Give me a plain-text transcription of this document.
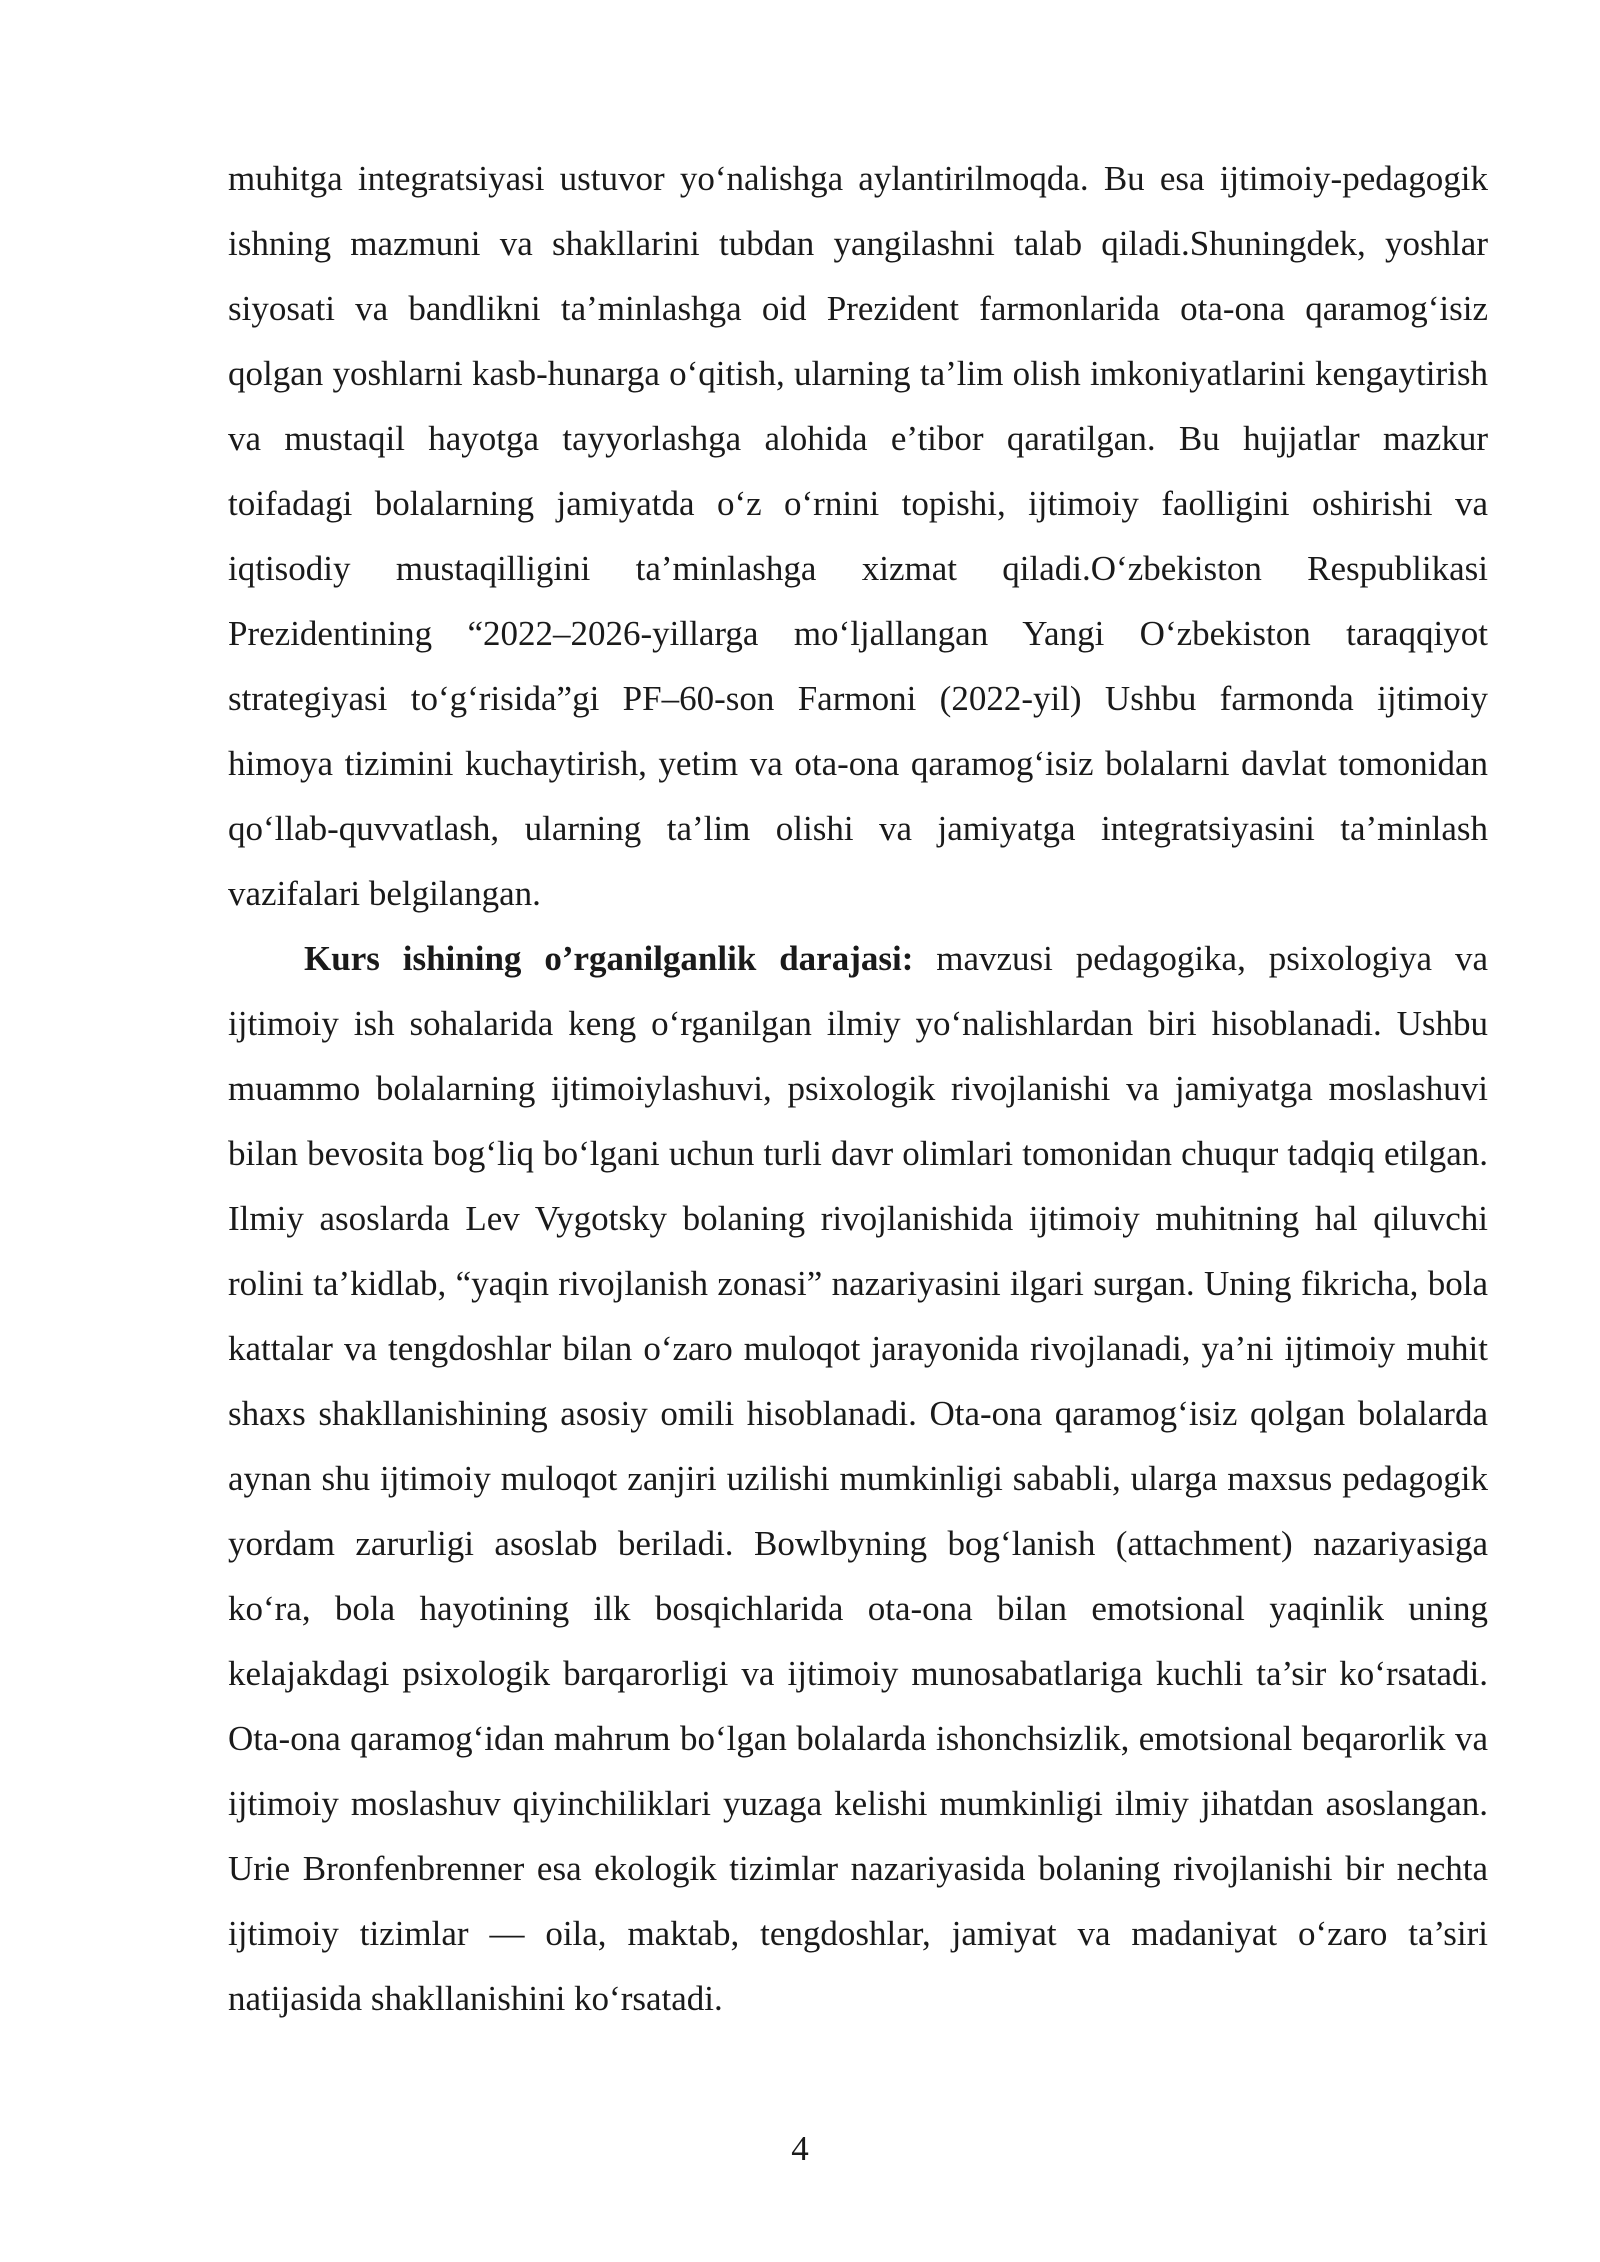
muhitga integratsiyasi ustuvor yo‘nalishga aylantirilmoqda. Bu esa ijtimoiy-pedagogik ishning mazmuni va shakllarini tubdan yangilashni talab qiladi.Shuningdek, yoshlar siyosati va bandlikni ta’minlashga oid Prezident farmonlarida ota-ona qaramog‘isiz qolgan yoshlarni kasb-hunarga o‘qitish, ularning ta’lim olish imkoniyatlarini kengaytirish va mustaqil hayotga tayyorlashga alohida e’tibor qaratilgan. Bu hujjatlar mazkur toifadagi bolalarning jamiyatda o‘z o‘rnini topishi, ijtimoiy faolligini oshirishi va iqtisodiy mustaqilligini ta’minlashga xizmat qiladi.O‘zbekiston Respublikasi Prezidentining “2022–2026-yillarga mo‘ljallangan Yangi O‘zbekiston taraqqiyot strategiyasi to‘g‘risida”gi PF–60-son Farmoni (2022-yil) Ushbu farmonda ijtimoiy himoya tizimini kuchaytirish, yetim va ota-ona qaramog‘isiz bolalarni davlat tomonidan qo‘llab-quvvatlash, ularning ta’lim olishi va jamiyatga integratsiyasini ta’minlash vazifalari belgilangan.

Kurs ishining o’rganilganlik darajasi: mavzusi pedagogika, psixologiya va ijtimoiy ish sohalarida keng o‘rganilgan ilmiy yo‘nalishlardan biri hisoblanadi. Ushbu muammo bolalarning ijtimoiylashuvi, psixologik rivojlanishi va jamiyatga moslashuvi bilan bevosita bog‘liq bo‘lgani uchun turli davr olimlari tomonidan chuqur tadqiq etilgan. Ilmiy asoslarda Lev Vygotsky bolaning rivojlanishida ijtimoiy muhitning hal qiluvchi rolini ta’kidlab, “yaqin rivojlanish zonasi” nazariyasini ilgari surgan. Uning fikricha, bola kattalar va tengdoshlar bilan o‘zaro muloqot jarayonida rivojlanadi, ya’ni ijtimoiy muhit shaxs shakllanishining asosiy omili hisoblanadi. Ota-ona qaramog‘isiz qolgan bolalarda aynan shu ijtimoiy muloqot zanjiri uzilishi mumkinligi sababli, ularga maxsus pedagogik yordam zarurligi asoslab beriladi. Bowlbyning bog‘lanish (attachment) nazariyasiga ko‘ra, bola hayotining ilk bosqichlarida ota-ona bilan emotsional yaqinlik uning kelajakdagi psixologik barqarorligi va ijtimoiy munosabatlariga kuchli ta’sir ko‘rsatadi. Ota-ona qaramog‘idan mahrum bo‘lgan bolalarda ishonchsizlik, emotsional beqarorlik va ijtimoiy moslashuv qiyinchiliklari yuzaga kelishi mumkinligi ilmiy jihatdan asoslangan. Urie Bronfenbrenner esa ekologik tizimlar nazariyasida bolaning rivojlanishi bir nechta ijtimoiy tizimlar — oila, maktab, tengdoshlar, jamiyat va madaniyat o‘zaro ta’siri natijasida shakllanishini ko‘rsatadi.

4
